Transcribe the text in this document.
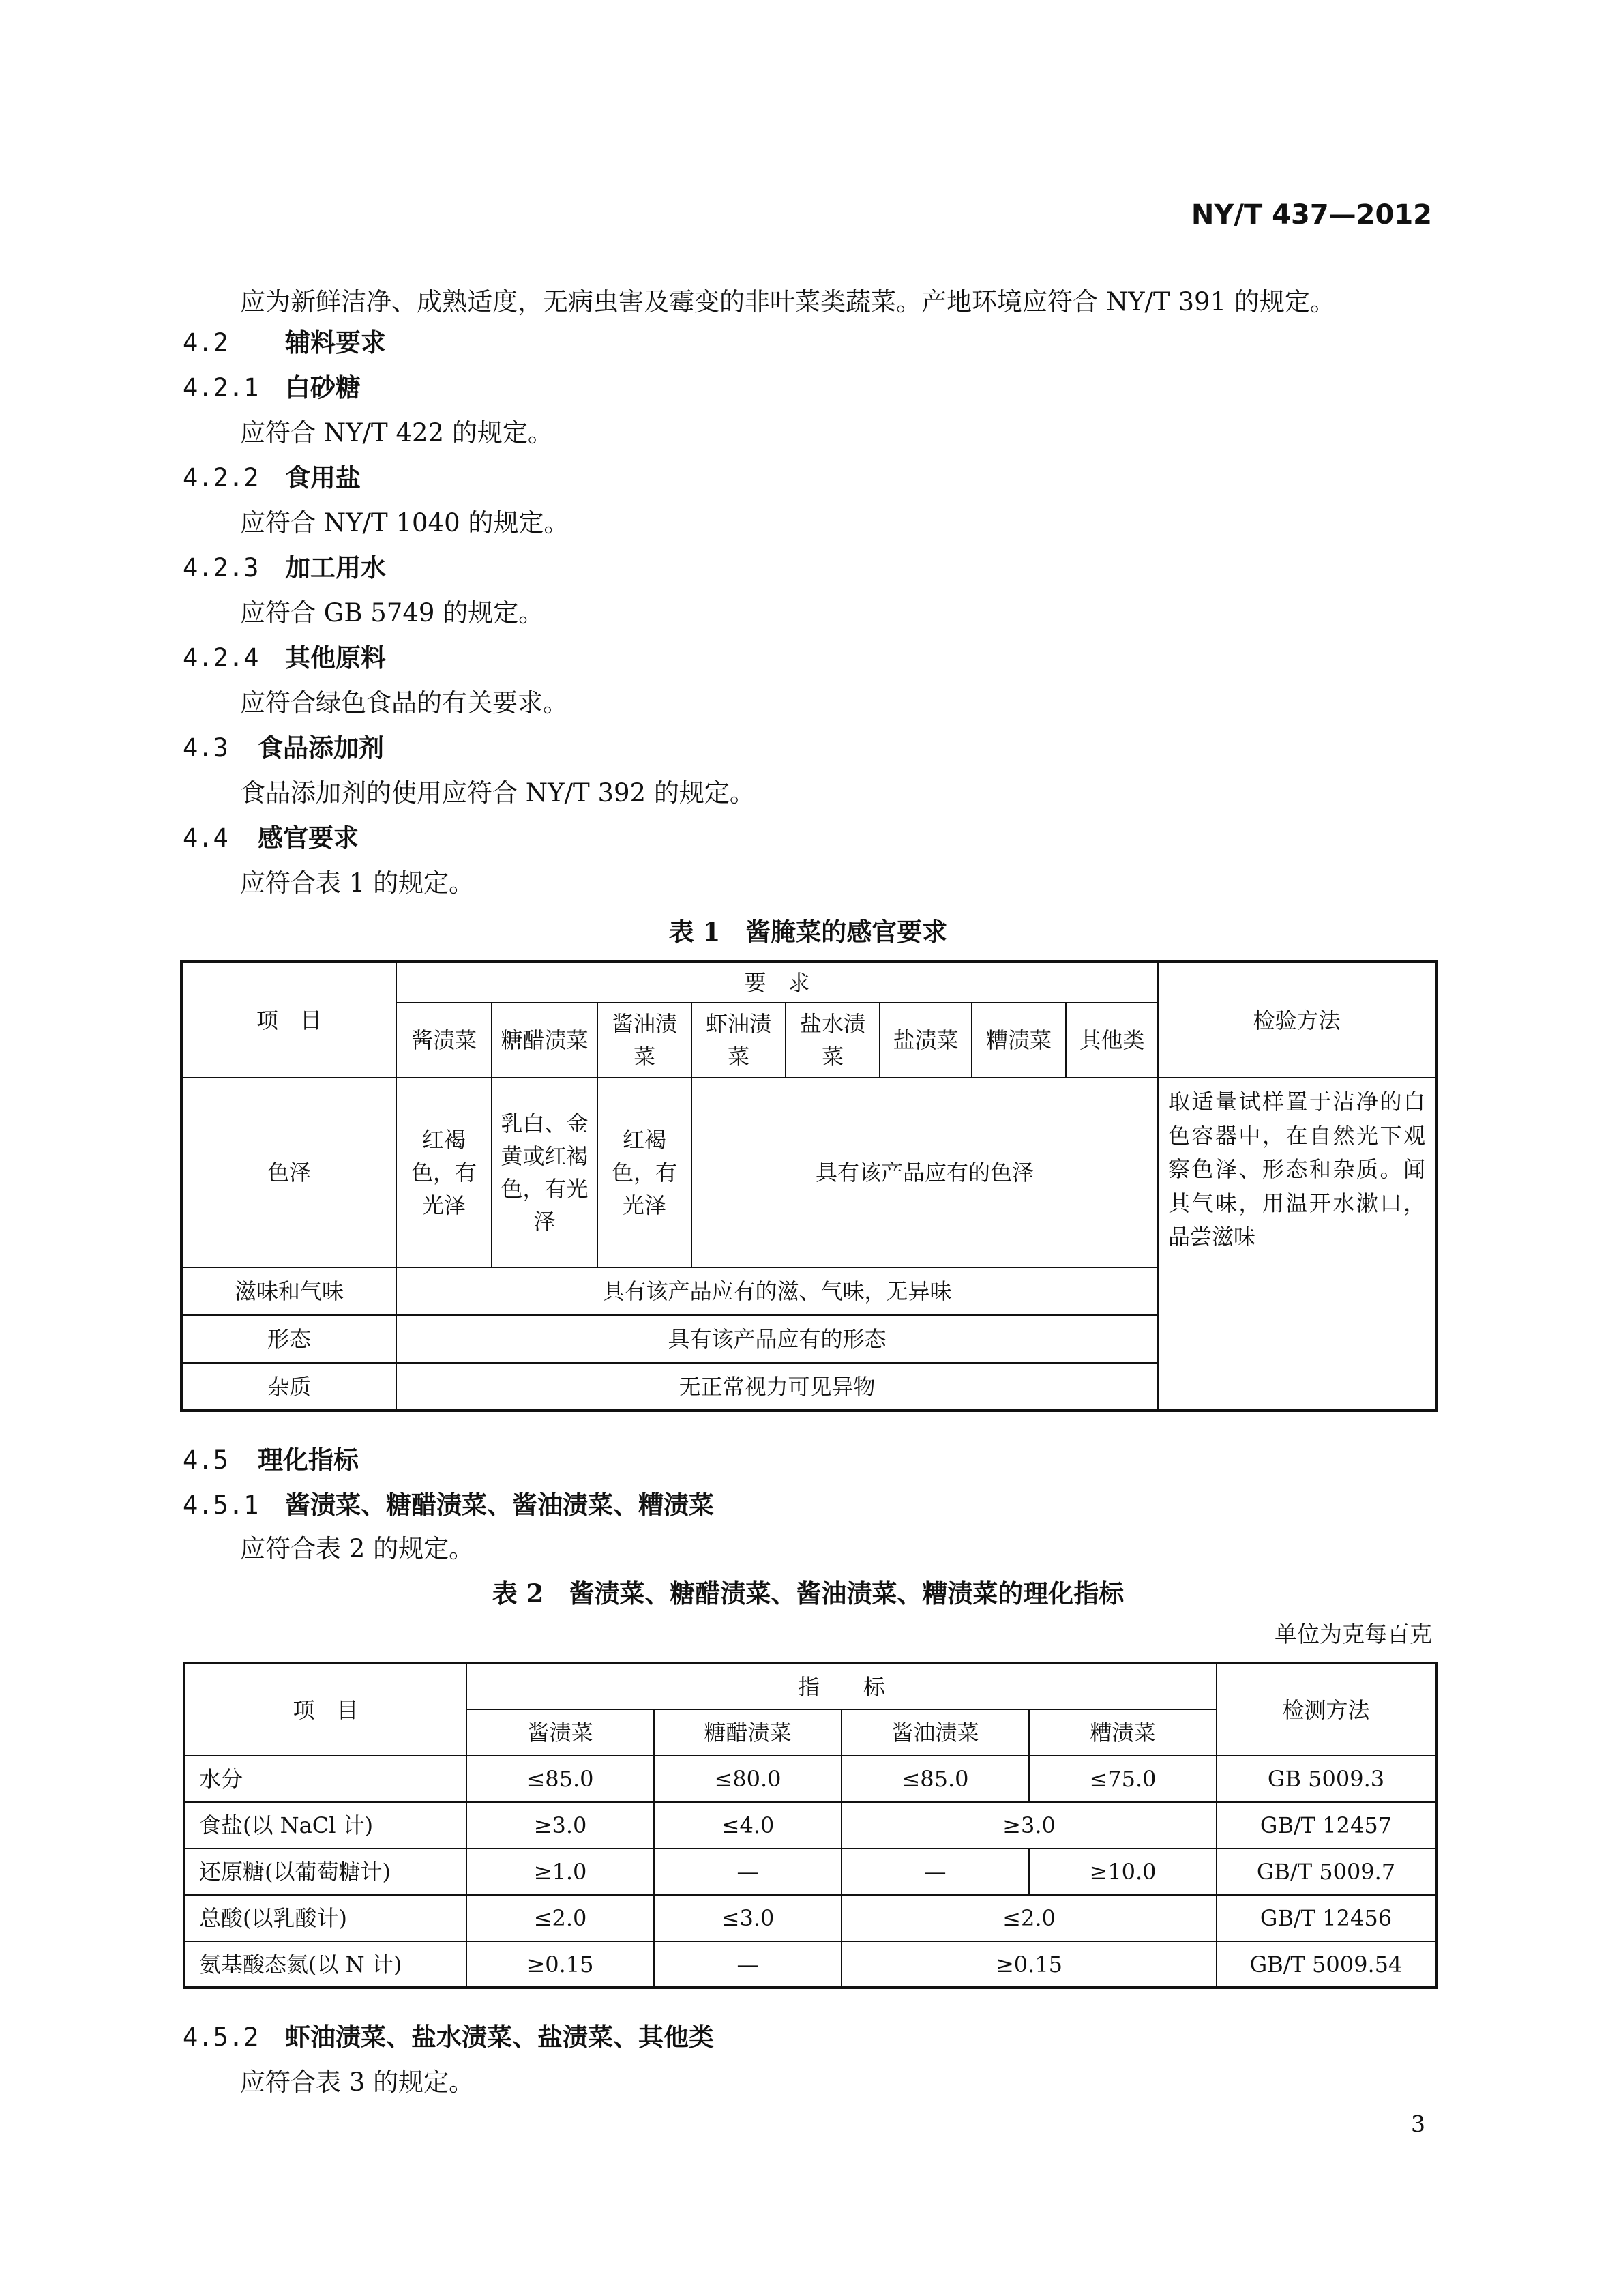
NY/T 437—2012
应为新鲜洁净、成熟适度，无病虫害及霉变的非叶菜类蔬菜。产地环境应符合 NY/T 391 的规定。
4.2 辅料要求
4.2.1 白砂糖
应符合 NY/T 422 的规定。
4.2.2 食用盐
应符合 NY/T 1040 的规定。
4.2.3 加工用水
应符合 GB 5749 的规定。
4.2.4 其他原料
应符合绿色食品的有关要求。
4.3 食品添加剂
食品添加剂的使用应符合 NY/T 392 的规定。
4.4 感官要求
应符合表 1 的规定。
表 1　酱腌菜的感官要求
项　目	要　求								检验方法
	酱渍菜	糖醋渍菜	酱油渍菜	虾油渍菜	盐水渍菜	盐渍菜	糟渍菜	其他类	
色泽	红褐色，有光泽	乳白、金黄或红褐色，有光泽	红褐色，有光泽	具有该产品应有的色泽					取适量试样置于洁净的白色容器中，在自然光下观察色泽、形态和杂质。闻其气味，用温开水漱口，品尝滋味
滋味和气味	具有该产品应有的滋、气味，无异味								
形态	具有该产品应有的形态								
杂质	无正常视力可见异物								
4.5 理化指标
4.5.1 酱渍菜、糖醋渍菜、酱油渍菜、糟渍菜
应符合表 2 的规定。
表 2　酱渍菜、糖醋渍菜、酱油渍菜、糟渍菜的理化指标
单位为克每百克
项　目	指　　标				检测方法
	酱渍菜	糖醋渍菜	酱油渍菜	糟渍菜	
水分	≤85.0	≤80.0	≤85.0	≤75.0	GB 5009.3
食盐(以 NaCl 计)	≥3.0	≤4.0	≥3.0		GB/T 12457
还原糖(以葡萄糖计)	≥1.0	—	—	≥10.0	GB/T 5009.7
总酸(以乳酸计)	≤2.0	≤3.0	≤2.0		GB/T 12456
氨基酸态氮(以 N 计)	≥0.15	—	≥0.15		GB/T 5009.54
4.5.2 虾油渍菜、盐水渍菜、盐渍菜、其他类
应符合表 3 的规定。
3
